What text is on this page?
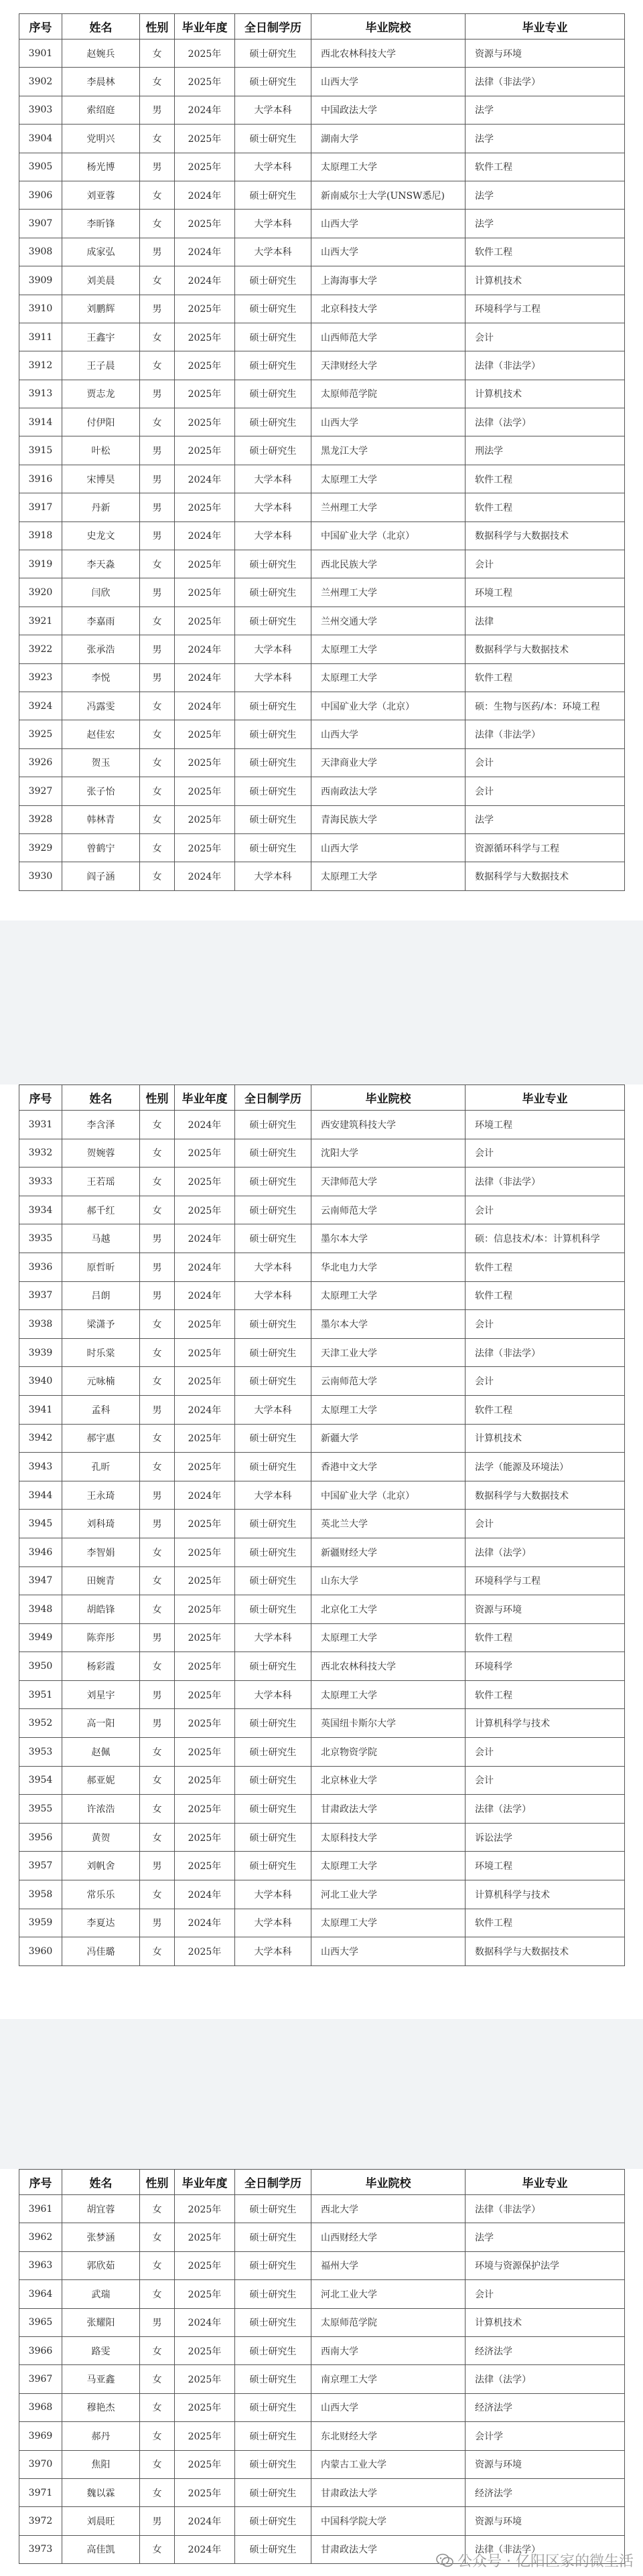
序号	姓名	性别	毕业年度	全日制学历	毕业院校	毕业专业
3901	赵婉兵	女	2025年	硕士研究生	西北农林科技大学	资源与环境
3902	李晨林	女	2025年	硕士研究生	山西大学	法律（非法学）
3903	索绍庭	男	2024年	大学本科	中国政法大学	法学
3904	党明兴	女	2025年	硕士研究生	湖南大学	法学
3905	杨光博	男	2025年	大学本科	太原理工大学	软件工程
3906	刘亚蓉	女	2024年	硕士研究生	新南威尔士大学(UNSW悉尼)	法学
3907	李昕锋	女	2025年	大学本科	山西大学	法学
3908	成家弘	男	2024年	大学本科	山西大学	软件工程
3909	刘美晨	女	2024年	硕士研究生	上海海事大学	计算机技术
3910	刘鹏辉	男	2025年	硕士研究生	北京科技大学	环境科学与工程
3911	王鑫宇	女	2025年	硕士研究生	山西师范大学	会计
3912	王子晨	女	2025年	硕士研究生	天津财经大学	法律（非法学）
3913	贾志龙	男	2025年	硕士研究生	太原师范学院	计算机技术
3914	付伊阳	女	2025年	硕士研究生	山西大学	法律（法学）
3915	叶松	男	2025年	硕士研究生	黑龙江大学	刑法学
3916	宋博昊	男	2024年	大学本科	太原理工大学	软件工程
3917	丹新	男	2025年	大学本科	兰州理工大学	软件工程
3918	史龙文	男	2024年	大学本科	中国矿业大学（北京）	数据科学与大数据技术
3919	李天淼	女	2025年	硕士研究生	西北民族大学	会计
3920	闫欣	男	2025年	硕士研究生	兰州理工大学	环境工程
3921	李嘉雨	女	2025年	硕士研究生	兰州交通大学	法律
3922	张承浩	男	2024年	大学本科	太原理工大学	数据科学与大数据技术
3923	李悦	男	2024年	大学本科	太原理工大学	软件工程
3924	冯露雯	女	2024年	硕士研究生	中国矿业大学（北京）	硕：生物与医药/本：环境工程
3925	赵佳宏	女	2025年	硕士研究生	山西大学	法律（非法学）
3926	贺玉	女	2025年	硕士研究生	天津商业大学	会计
3927	张子怡	女	2025年	硕士研究生	西南政法大学	会计
3928	韩林青	女	2025年	硕士研究生	青海民族大学	法学
3929	曾鹤宁	女	2025年	硕士研究生	山西大学	资源循环科学与工程
3930	阎子涵	女	2024年	大学本科	太原理工大学	数据科学与大数据技术
序号	姓名	性别	毕业年度	全日制学历	毕业院校	毕业专业
3931	李含泽	女	2024年	硕士研究生	西安建筑科技大学	环境工程
3932	贺婉蓉	女	2025年	硕士研究生	沈阳大学	会计
3933	王若瑶	女	2025年	硕士研究生	天津师范大学	法律（非法学）
3934	郝千红	女	2025年	硕士研究生	云南师范大学	会计
3935	马越	男	2024年	硕士研究生	墨尔本大学	硕：信息技术/本：计算机科学
3936	原哲昕	男	2024年	大学本科	华北电力大学	软件工程
3937	吕朗	男	2024年	大学本科	太原理工大学	软件工程
3938	梁潇予	女	2025年	硕士研究生	墨尔本大学	会计
3939	时乐棠	女	2025年	硕士研究生	天津工业大学	法律（非法学）
3940	元咏楠	女	2025年	硕士研究生	云南师范大学	会计
3941	孟科	男	2024年	大学本科	太原理工大学	软件工程
3942	郝宇惠	女	2025年	硕士研究生	新疆大学	计算机技术
3943	孔昕	女	2025年	硕士研究生	香港中文大学	法学（能源及环境法）
3944	王永琦	男	2024年	大学本科	中国矿业大学（北京）	数据科学与大数据技术
3945	刘科琦	男	2025年	硕士研究生	英北兰大学	会计
3946	李智娟	女	2025年	硕士研究生	新疆财经大学	法律（法学）
3947	田婉青	女	2025年	硕士研究生	山东大学	环境科学与工程
3948	胡皓锋	女	2025年	硕士研究生	北京化工大学	资源与环境
3949	陈弈彤	男	2025年	大学本科	太原理工大学	软件工程
3950	杨彩霞	女	2025年	硕士研究生	西北农林科技大学	环境科学
3951	刘星宇	男	2025年	大学本科	太原理工大学	软件工程
3952	高一阳	男	2025年	硕士研究生	英国纽卡斯尔大学	计算机科学与技术
3953	赵佩	女	2025年	硕士研究生	北京物资学院	会计
3954	郝亚妮	女	2025年	硕士研究生	北京林业大学	会计
3955	许浓浩	女	2025年	硕士研究生	甘肃政法大学	法律（法学）
3956	黄贺	女	2025年	硕士研究生	太原科技大学	诉讼法学
3957	刘帆舍	男	2025年	硕士研究生	太原理工大学	环境工程
3958	常乐乐	女	2024年	大学本科	河北工业大学	计算机科学与技术
3959	李夏达	男	2024年	大学本科	太原理工大学	软件工程
3960	冯佳璐	女	2025年	大学本科	山西大学	数据科学与大数据技术
序号	姓名	性别	毕业年度	全日制学历	毕业院校	毕业专业
3961	胡宜蓉	女	2025年	硕士研究生	西北大学	法律（非法学）
3962	张梦涵	女	2025年	硕士研究生	山西财经大学	法学
3963	郭欣茹	女	2025年	硕士研究生	福州大学	环境与资源保护法学
3964	武瑞	女	2025年	硕士研究生	河北工业大学	会计
3965	张耀阳	男	2024年	硕士研究生	太原师范学院	计算机技术
3966	路雯	女	2025年	硕士研究生	西南大学	经济法学
3967	马亚鑫	女	2025年	硕士研究生	南京理工大学	法律（法学）
3968	穆艳杰	女	2025年	硕士研究生	山西大学	经济法学
3969	郝丹	女	2025年	硕士研究生	东北财经大学	会计学
3970	焦阳	女	2025年	硕士研究生	内蒙古工业大学	资源与环境
3971	魏以霖	女	2025年	硕士研究生	甘肃政法大学	经济法学
3972	刘晨旺	男	2024年	硕士研究生	中国科学院大学	资源与环境
3973	高佳凯	女	2024年	硕士研究生	甘肃政法大学	法律（非法学）
公众号 · 亿阳区家的微生活
